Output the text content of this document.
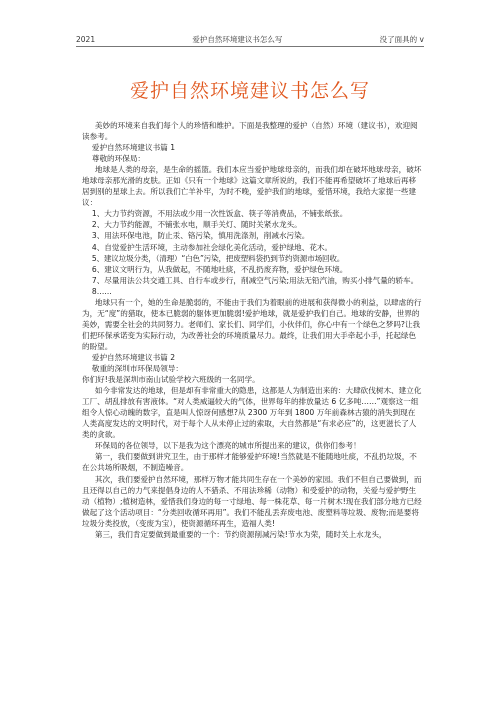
2021	爱护自然环境建议书怎么写	没了面具的 v
爱护自然环境建议书怎么写

美妙的环境来自我们每个人的珍惜和维护。下面是我整理的爱护（自然）环境（建议书），欢迎阅读参考。

爱护自然环境建议书篇 1

尊敬的环保局：

地球是人类的母亲，是生命的摇篮。我们本应当爱护地球母亲的，而我们却在破坏地球母亲，破坏地球母亲那光滑的皮肤。正如《只有一个地球》这篇文章所说的，我们不能再希望破坏了地球后再移居到别的星球上去。所以我们亡羊补牢，为时不晚，爱护我们的地球，爱惜环境，我给大家提一些建议：

1、大力节约资源，不用法或少用一次性饭盒、筷子等消费品，不铺张纸张。

2、大力节约能源，不铺张水电，顺手关灯、随时关紧水龙头。

3、用法环保电池，防止汞、铬污染，慎用洗涤剂，削减水污染。

4、自觉爱护生活环境，主动参加社会绿化美化活动，爱护绿地、花木。

5、建议垃圾分类，（清理）“白色”污染，把废塑料袋扔到节约资源市场回收。

6、建议文明行为，从我做起，不随地吐痰，不乱扔废弃物，爱护绿色环境。

7、尽量用法公共交通工具、自行车或步行，削减空气污染;用法无铅汽油，购买小排气量的轿车。

8……

地球只有一个，她的生命是脆弱的，不能由于我们为着眼前的进展和获得微小的利益，以肆虐的行为，无“度”的猎取，使本已脆弱的躯体更加脆弱!爱护地球，就是爱护我们自己。地球的安静，世界的美妙，需要全社会的共同努力。老师们、家长们、同学们，小伙伴们，你心中有一个绿色之梦吗?让我们把环保承诺变为实际行动，为改善社会的环境质量尽力。最终，让我们用大手牵起小手，托起绿色的盼望。

爱护自然环境建议书篇 2

敬重的深圳市环保局领导：

你们好!我是深圳市南山试验学校六班级的一名同学。

如今非常发达的地球，但是却有非常重大的隐患，这都是人为制造出来的：大肆砍伐树木、建立化工厂、胡乱排放有害液体。“对人类威逼较大的气体，世界每年的排放量达 6 亿多吨……”观察这一组组令人惊心动魄的数字，直是叫人惊讶何感想?从 2300 万年到 1800 万年前森林古猿的消失到现在人类高度发达的文明时代，对于每个人从未停止过的索取，大自然都是“有求必应”的，这更滋长了人类的贪欲。

环保局的各位领导，以下是我为这个漂亮的城市所提出来的建议，供你们参考！

第一，我们要做到讲究卫生，由于那样才能够爱护环境!当然就是不能随地吐痰，不乱扔垃圾，不在公共场所吸烟，不制造噪音。

其次，我们要爱护自然环境，那样万物才能共同生存在一个美妙的家园。我们不但自己要做到，而且还得以自己的力气来提倡身边的人不猎杀、不用法珍稀（动物）和受爱护的动物，关爱与爱护野生动（植物）;植树造林，爱惜我们身边的每一寸绿地、每一株花草、每一片树木!现在我们部分地方已经做起了这个活动项目：“分类回收循环再用”。我们不能乱丢弃废电池、废塑料等垃圾、废物;而是要将垃圾分类投放，（变废为宝），使资源循环再生，造福人类!

第三，我们肯定要做到最重要的一个：节约资源削减污染!节水为荣，随时关上水龙头，
